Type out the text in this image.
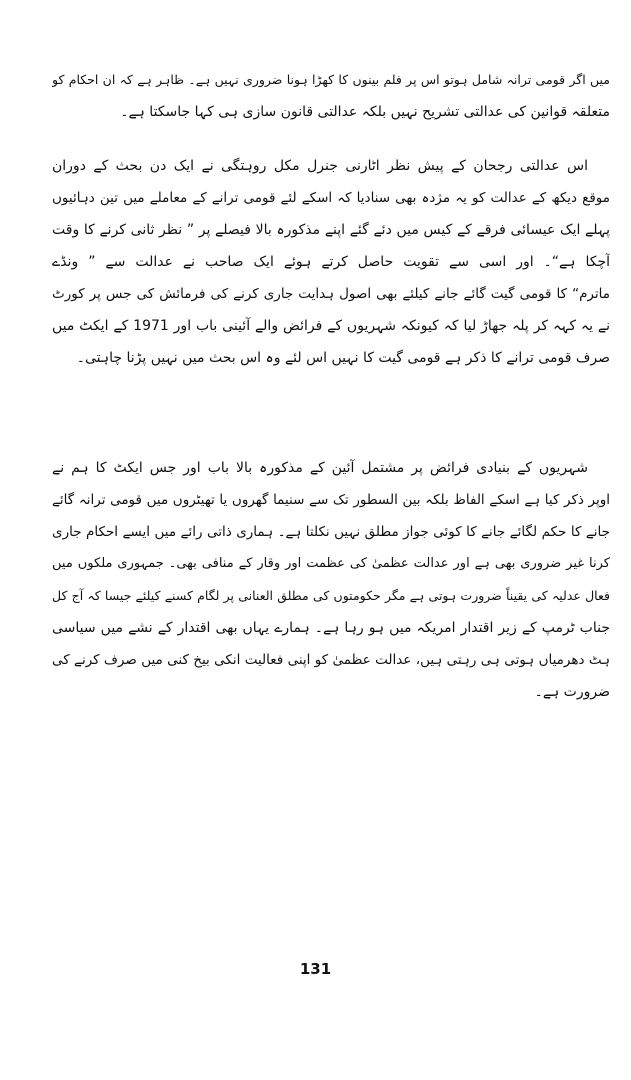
میں اگر قومی ترانہ شامل ہوتو اس پر فلم بینوں کا کھڑا ہونا ضروری نہیں ہے۔ ظاہر ہے کہ ان احکام کو
متعلقہ قوانین کی عدالتی تشریح نہیں بلکہ عدالتی قانون سازی ہی کہا جاسکتا ہے۔
اس عدالتی رجحان کے پیش نظر اٹارنی جنرل مکل روہتگی نے ایک دن بحث کے دوران
موقع دیکھ کے عدالت کو یہ مژدہ بھی سنادیا کہ اسکے لئے قومی ترانے کے معاملے میں تین دہائیوں
پہلے ایک عیسائی فرقے کے کیس میں دئے گئے اپنے مذکورہ بالا فیصلے پر ” نظر ثانی کرنے کا وقت
آچکا ہے“۔ اور اسی سے تقویت حاصل کرتے ہوئے ایک صاحب نے عدالت سے ” ونڈے
ماترم“ کا قومی گیت گائے جانے کیلئے بھی اصول ہدایت جاری کرنے کی فرمائش کی جس پر کورٹ
نے یہ کہہ کر پلہ جھاڑ لیا کہ کیونکہ شہریوں کے فرائض والے آئینی باب اور 1971 کے ایکٹ میں
صرف قومی ترانے کا ذکر ہے قومی گیت کا نہیں اس لئے وہ اس بحث میں نہیں پڑنا چاہتی۔
شہریوں کے بنیادی فرائض پر مشتمل آئین کے مذکورہ بالا باب اور جس ایکٹ کا ہم نے
اوپر ذکر کیا ہے اسکے الفاظ بلکہ بین السطور تک سے سنیما گھروں یا تھیٹروں میں قومی ترانہ گائے
جانے کا حکم لگائے جانے کا کوئی جواز مطلق نہیں نکلتا ہے۔ ہماری ذاتی رائے میں ایسے احکام جاری
کرنا غیر ضروری بھی ہے اور عدالت عظمیٰ کی عظمت اور وقار کے منافی بھی۔ جمہوری ملکوں میں
فعال عدلیہ کی یقیناً ضرورت ہوتی ہے مگر حکومتوں کی مطلق العنانی پر لگام کسنے کیلئے جیسا کہ آج کل
جناب ٹرمپ کے زیر اقتدار امریکہ میں ہو رہا ہے۔ ہمارے یہاں بھی اقتدار کے نشے میں سیاسی
ہٹ دھرمیاں ہوتی ہی رہتی ہیں، عدالت عظمیٰ کو اپنی فعالیت انکی بیخ کنی میں صرف کرنے کی
ضرورت ہے۔
131
